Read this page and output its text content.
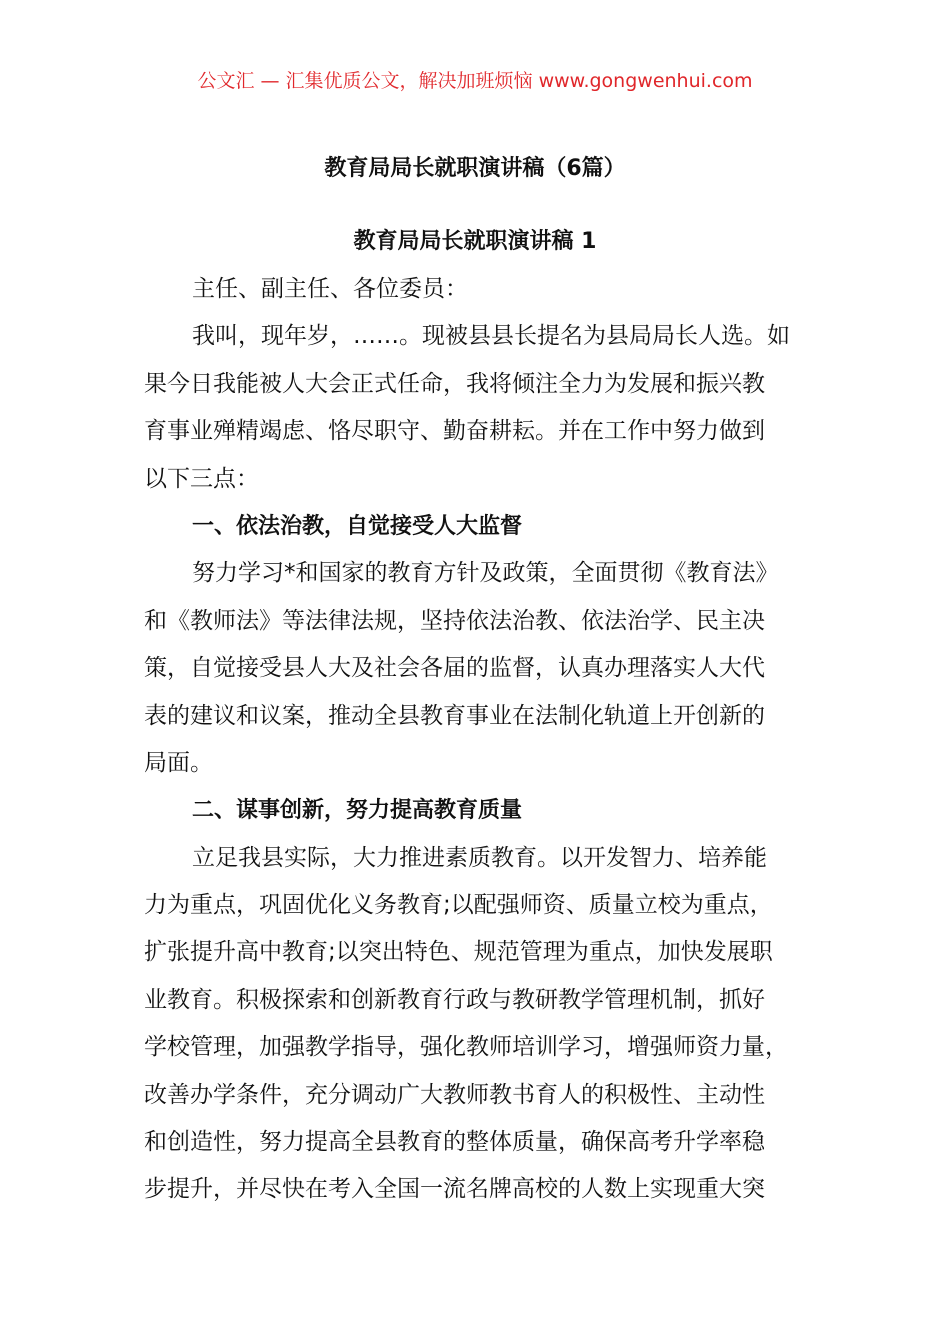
公文汇 — 汇集优质公文，解决加班烦恼 www.gongwenhui.com
教育局局长就职演讲稿（6篇）
教育局局长就职演讲稿 1
主任、副主任、各位委员：
我叫，现年岁，……。现被县县长提名为县局局长人选。如
果今日我能被人大会正式任命，我将倾注全力为发展和振兴教
育事业殚精竭虑、恪尽职守、勤奋耕耘。并在工作中努力做到
以下三点：
一、依法治教，自觉接受人大监督
努力学习*和国家的教育方针及政策，全面贯彻《教育法》
和《教师法》等法律法规，坚持依法治教、依法治学、民主决
策，自觉接受县人大及社会各届的监督，认真办理落实人大代
表的建议和议案，推动全县教育事业在法制化轨道上开创新的
局面。
二、谋事创新，努力提高教育质量
立足我县实际，大力推进素质教育。以开发智力、培养能
力为重点，巩固优化义务教育;以配强师资、质量立校为重点，
扩张提升高中教育;以突出特色、规范管理为重点，加快发展职
业教育。积极探索和创新教育行政与教研教学管理机制，抓好
学校管理，加强教学指导，强化教师培训学习，增强师资力量，
改善办学条件，充分调动广大教师教书育人的积极性、主动性
和创造性，努力提高全县教育的整体质量，确保高考升学率稳
步提升，并尽快在考入全国一流名牌高校的人数上实现重大突
